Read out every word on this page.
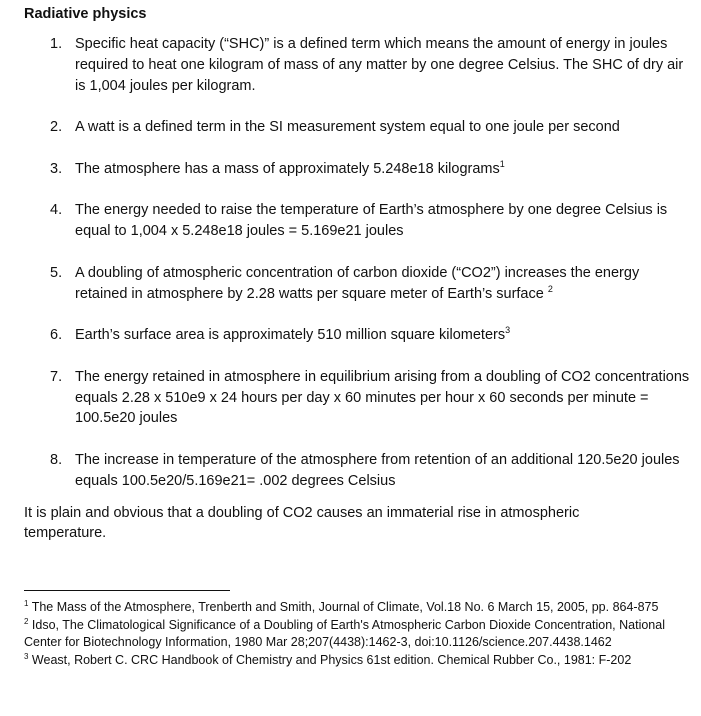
Radiative physics
1. Specific heat capacity (“SHC)” is a defined term which means the amount of energy in joules required to heat one kilogram of mass of any matter by one degree Celsius. The SHC of dry air is 1,004 joules per kilogram.
2. A watt is a defined term in the SI measurement system equal to one joule per second
3. The atmosphere has a mass of approximately 5.248e18 kilograms$^1$
4. The energy needed to raise the temperature of Earth’s atmosphere by one degree Celsius is equal to 1,004 x 5.248e18 joules = 5.169e21 joules
5. A doubling of atmospheric concentration of carbon dioxide (“CO2”) increases the energy retained in atmosphere by 2.28 watts per square meter of Earth’s surface $^2$
6. Earth’s surface area is approximately 510 million square kilometers$^3$
7. The energy retained in atmosphere in equilibrium arising from a doubling of CO2 concentrations equals 2.28 x 510e9 x 24 hours per day x 60 minutes per hour x 60 seconds per minute = 100.5e20 joules
8. The increase in temperature of the atmosphere from retention of an additional 120.5e20 joules equals 100.5e20/5.169e21= .002 degrees Celsius

It is plain and obvious that a doubling of CO2 causes an immaterial rise in atmospheric temperature.

$^1$ The Mass of the Atmosphere, Trenberth and Smith, Journal of Climate, Vol.18 No. 6 March 15, 2005, pp. 864-875

$^2$ Idso, The Climatological Significance of a Doubling of Earth's Atmospheric Carbon Dioxide Concentration, National Center for Biotechnology Information, 1980 Mar 28;207(4438):1462-3, doi:10.1126/science.207.4438.1462

$^3$ Weast, Robert C. CRC Handbook of Chemistry and Physics 61st edition. Chemical Rubber Co., 1981: F-202
